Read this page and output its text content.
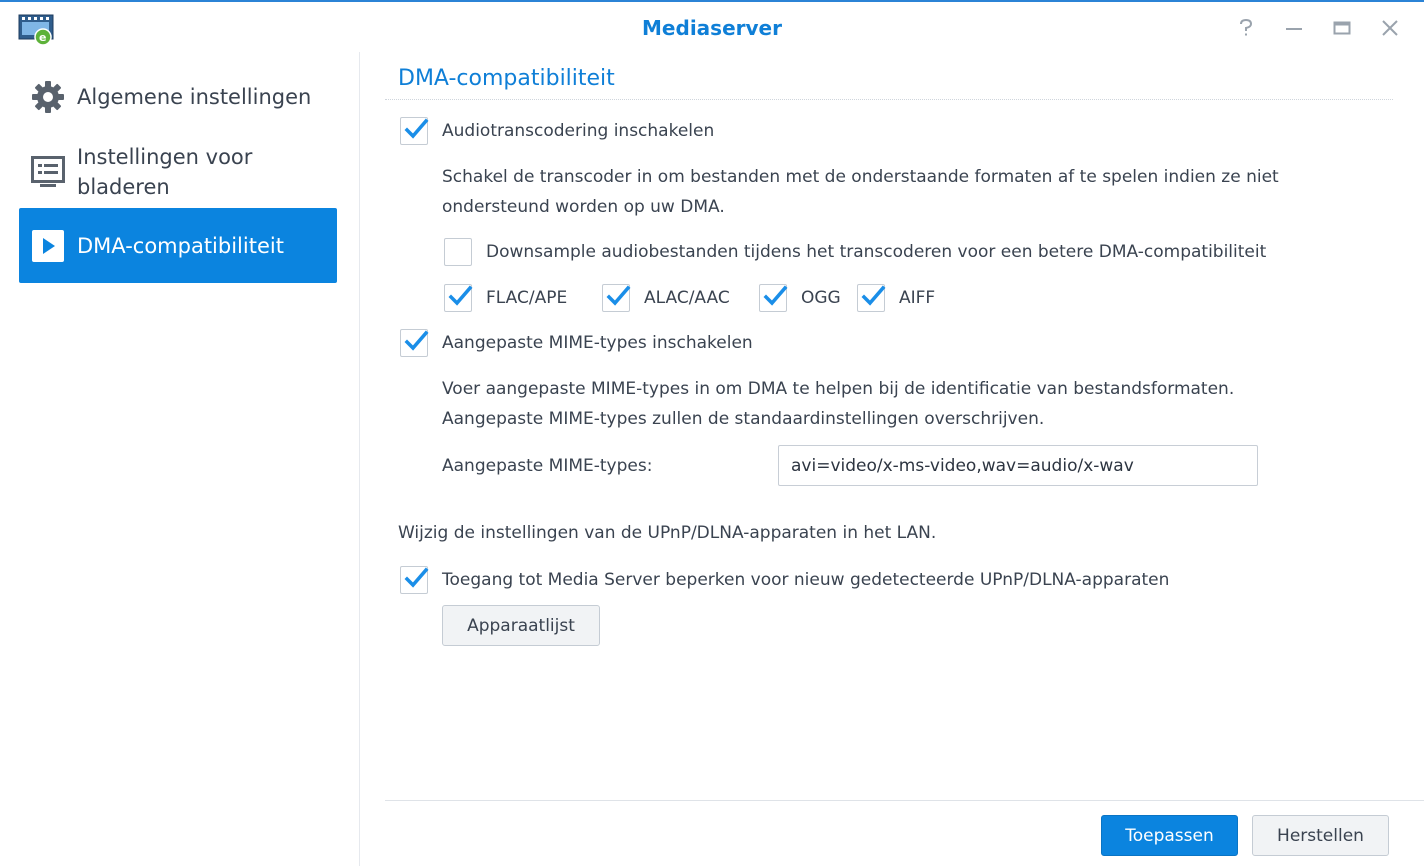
e	Mediaserver
Algemene instellingen
Instellingen voor
bladeren
DMA-compatibiliteit
DMA-compatibiliteit
Audiotranscodering inschakelen
Schakel de transcoder in om bestanden met de onderstaande formaten af te spelen indien ze niet
ondersteund worden op uw DMA.
Downsample audiobestanden tijdens het transcoderen voor een betere DMA-compatibiliteit
FLAC/APE	ALAC/AAC	OGG	AIFF
Aangepaste MIME-types inschakelen
Voer aangepaste MIME-types in om DMA te helpen bij de identificatie van bestandsformaten.
Aangepaste MIME-types zullen de standaardinstellingen overschrijven.
Aangepaste MIME-types:	avi=video/x-ms-video,wav=audio/x-wav
Wijzig de instellingen van de UPnP/DLNA-apparaten in het LAN.
Toegang tot Media Server beperken voor nieuw gedetecteerde UPnP/DLNA-apparaten
Apparaatlijst
Toepassen	Herstellen
